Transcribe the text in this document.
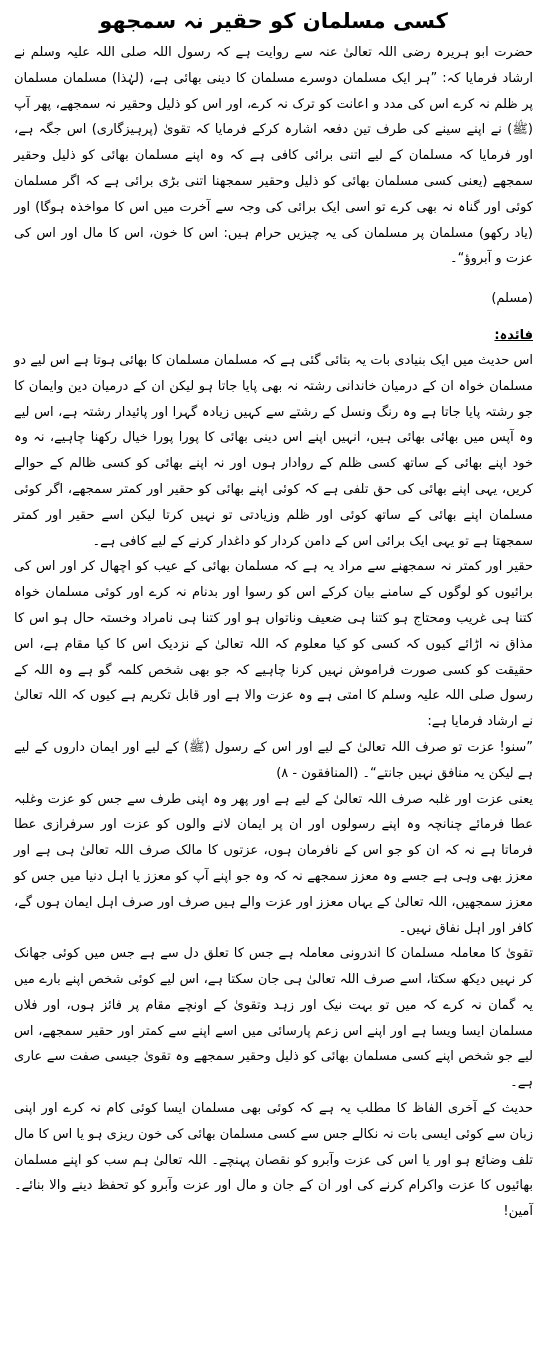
کسی مسلمان کو حقیر نہ سمجھو

حضرت ابو ہریرہ رضی اللہ تعالیٰ عنہ سے روایت ہے کہ رسول اللہ صلی اللہ علیہ وسلم نے ارشاد فرمایا کہ: ”ہر ایک مسلمان دوسرے مسلمان کا دینی بھائی ہے، (لہٰذا) مسلمان مسلمان پر ظلم نہ کرے اس کی مدد و اعانت کو ترک نہ کرے، اور اس کو ذلیل وحقیر نہ سمجھے، پھر آپ (ﷺ) نے اپنے سینے کی طرف تین دفعہ اشارہ کرکے فرمایا کہ تقویٰ (پرہیزگاری) اس جگہ ہے، اور فرمایا کہ مسلمان کے لیے اتنی برائی کافی ہے کہ وہ اپنے مسلمان بھائی کو ذلیل وحقیر سمجھے (یعنی کسی مسلمان بھائی کو ذلیل وحقیر سمجھنا اتنی بڑی برائی ہے کہ اگر مسلمان کوئی اور گناہ نہ بھی کرے تو اسی ایک برائی کی وجہ سے آخرت میں اس کا مواخذہ ہوگا) اور (یاد رکھو) مسلمان پر مسلمان کی یہ چیزیں حرام ہیں: اس کا خون، اس کا مال اور اس کی عزت و آبروؤ“۔

(مسلم)

فائدہ:

اس حدیث میں ایک بنیادی بات یہ بتائی گئی ہے کہ مسلمان مسلمان کا بھائی ہوتا ہے اس لیے دو مسلمان خواہ ان کے درمیان خاندانی رشتہ نہ بھی پایا جاتا ہو لیکن ان کے درمیان دین وایمان کا جو رشتہ پایا جاتا ہے وہ رنگ ونسل کے رشتے سے کہیں زیادہ گہرا اور پائیدار رشتہ ہے، اس لیے وہ آپس میں بھائی بھائی ہیں، انہیں اپنے اس دینی بھائی کا پورا پورا خیال رکھنا چاہیے، نہ وہ خود اپنے بھائی کے ساتھ کسی ظلم کے روادار ہوں اور نہ اپنے بھائی کو کسی ظالم کے حوالے کریں، یہی اپنے بھائی کی حق تلفی ہے کہ کوئی اپنے بھائی کو حقیر اور کمتر سمجھے، اگر کوئی مسلمان اپنے بھائی کے ساتھ کوئی اور ظلم وزیادتی تو نہیں کرتا لیکن اسے حقیر اور کمتر سمجھتا ہے تو یہی ایک برائی اس کے دامن کردار کو داغدار کرنے کے لیے کافی ہے۔

حقیر اور کمتر نہ سمجھنے سے مراد یہ ہے کہ مسلمان بھائی کے عیب کو اچھال کر اور اس کی برائیوں کو لوگوں کے سامنے بیان کرکے اس کو رسوا اور بدنام نہ کرے اور کوئی مسلمان خواہ کتنا ہی غریب ومحتاج ہو کتنا ہی ضعیف وناتواں ہو اور کتنا ہی نامراد وخستہ حال ہو اس کا مذاق نہ اڑائے کیوں کہ کسی کو کیا معلوم کہ اللہ تعالیٰ کے نزدیک اس کا کیا مقام ہے، اس حقیقت کو کسی صورت فراموش نہیں کرنا چاہیے کہ جو بھی شخص کلمہ گو ہے وہ اللہ کے رسول صلی اللہ علیہ وسلم کا امتی ہے وہ عزت والا ہے اور قابل تکریم ہے کیوں کہ اللہ تعالیٰ نے ارشاد فرمایا ہے:

”سنو! عزت تو صرف اللہ تعالیٰ کے لیے اور اس کے رسول (ﷺ) کے لیے اور ایمان داروں کے لیے ہے لیکن یہ منافق نہیں جانتے“۔ (المنافقون - ۸)

یعنی عزت اور غلبہ صرف اللہ تعالیٰ کے لیے ہے اور پھر وہ اپنی طرف سے جس کو عزت وغلبہ عطا فرمائے چنانچہ وہ اپنے رسولوں اور ان پر ایمان لانے والوں کو عزت اور سرفرازی عطا فرماتا ہے نہ کہ ان کو جو اس کے نافرمان ہوں، عزتوں کا مالک صرف اللہ تعالیٰ ہی ہے اور معزز بھی وہی ہے جسے وہ معزز سمجھے نہ کہ وہ جو اپنے آپ کو معزز یا اہل دنیا میں جس کو معزز سمجھیں، اللہ تعالیٰ کے یہاں معزز اور عزت والے ہیں صرف اور صرف اہل ایمان ہوں گے، کافر اور اہل نفاق نہیں۔

تقویٰ کا معاملہ مسلمان کا اندرونی معاملہ ہے جس کا تعلق دل سے ہے جس میں کوئی جھانک کر نہیں دیکھ سکتا، اسے صرف اللہ تعالیٰ ہی جان سکتا ہے، اس لیے کوئی شخص اپنے بارے میں یہ گمان نہ کرے کہ میں تو بہت نیک اور زہد وتقویٰ کے اونچے مقام پر فائز ہوں، اور فلاں مسلمان ایسا ویسا ہے اور اپنے اس زعم پارسائی میں اسے اپنے سے کمتر اور حقیر سمجھے، اس لیے جو شخص اپنے کسی مسلمان بھائی کو ذلیل وحقیر سمجھے وہ تقویٰ جیسی صفت سے عاری ہے۔

حدیث کے آخری الفاظ کا مطلب یہ ہے کہ کوئی بھی مسلمان ایسا کوئی کام نہ کرے اور اپنی زبان سے کوئی ایسی بات نہ نکالے جس سے کسی مسلمان بھائی کی خون ریزی ہو یا اس کا مال تلف وضائع ہو اور یا اس کی عزت وآبرو کو نقصان پہنچے۔ اللہ تعالیٰ ہم سب کو اپنے مسلمان بھائیوں کا عزت واکرام کرنے کی اور ان کے جان و مال اور عزت وآبرو کو تحفظ دینے والا بنائے۔ آمین!
